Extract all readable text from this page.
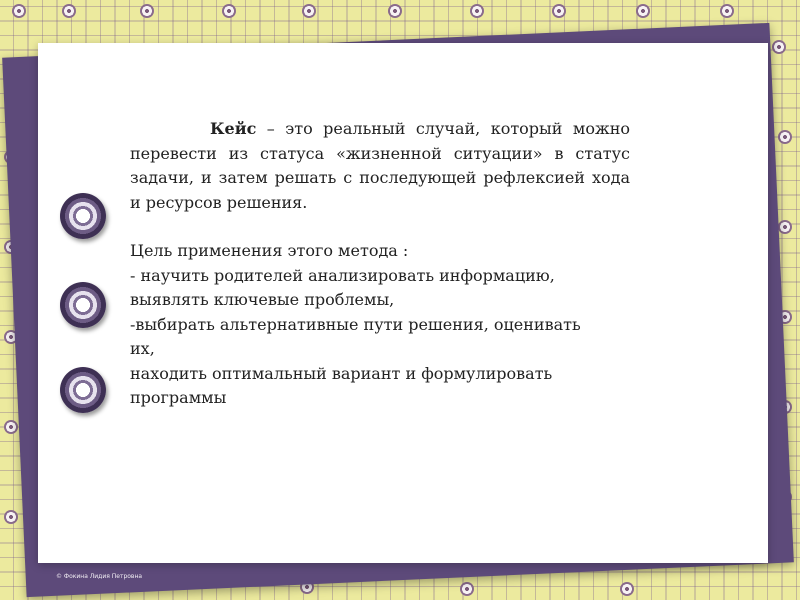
Кейс – это реальный случай, который можно перевести из статуса «жизненной ситуации» в статус задачи, и затем решать с последующей рефлексией хода и ресурсов решения.

Цель применения этого метода :

- научить родителей анализировать информацию,

выявлять ключевые проблемы,

-выбирать альтернативные пути решения, оценивать

их,

находить оптимальный вариант и формулировать

программы

© Фокина Лидия Петровна
